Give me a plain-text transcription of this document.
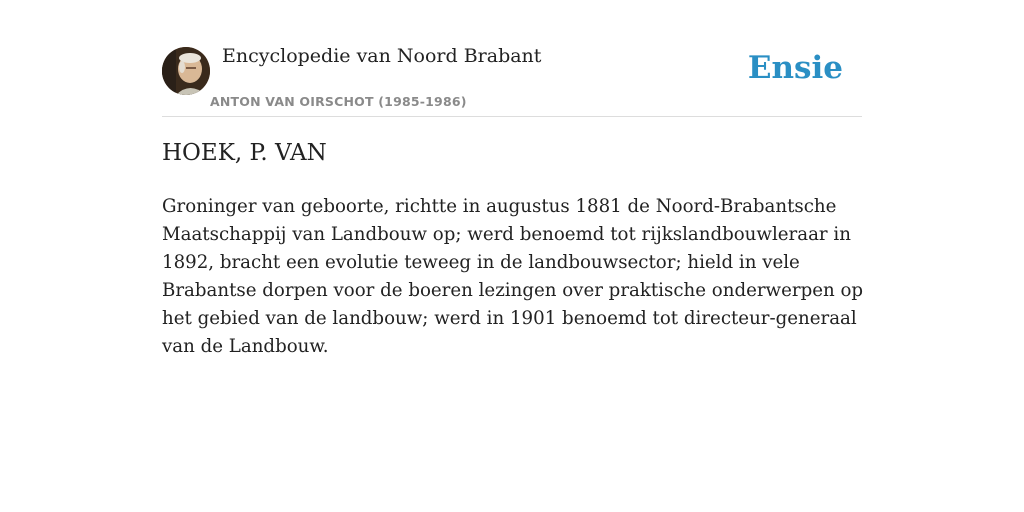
Encyclopedie van Noord Brabant
ANTON VAN OIRSCHOT (1985-1986)
Ensie
HOEK, P. VAN

Groninger van geboorte, richtte in augustus 1881 de Noord-Brabantsche Maatschappij van Landbouw op; werd benoemd tot rijkslandbouwleraar in 1892, bracht een evolutie teweeg in de landbouwsector; hield in vele Brabantse dorpen voor de boeren lezingen over praktische onderwerpen op het gebied van de landbouw; werd in 1901 benoemd tot directeur-generaal van de Landbouw.
